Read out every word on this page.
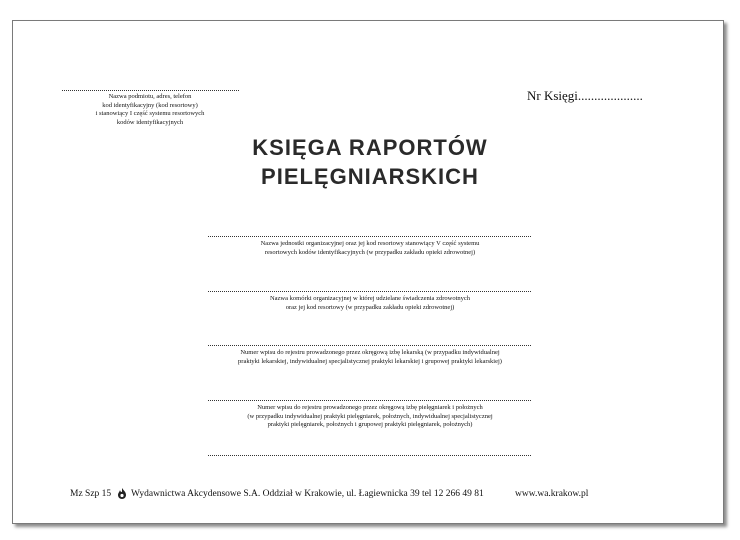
Nazwa podmiotu, adres, telefon
kod identyfikacyjny (kod resortowy)
i stanowiący I część systemu resortowych
kodów identyfikacyjnych
Nr Księgi....................
KSIĘGA RAPORTÓW
PIELĘGNIARSKICH
Nazwa jednostki organizacyjnej oraz jej kod resortowy stanowiący V część systemu
resortowych kodów identyfikacyjnych (w przypadku zakładu opieki zdrowotnej)
Nazwa komórki organizacyjnej w której udzielane świadczenia zdrowotnych
oraz jej kod resortowy (w przypadku zakładu opieki zdrowotnej)
Numer wpisu do rejestru prowadzonego przez okręgową izbę lekarską (w przypadku indywidualnej
praktyki lekarskiej, indywidualnej specjalistycznej praktyki lekarskiej i grupowej praktyki lekarskiej)
Numer wpisu do rejestru prowadzonego przez okręgową izbę pielęgniarek i położnych
(w przypadku indywidualnej praktyki pielęgniarek, położnych, indywidualnej specjalistycznej
praktyki pielęgniarek, położnych i grupowej praktyki pielęgniarek, położnych)
Mz Szp 15 Wydawnictwa Akcydensowe S.A. Oddział w Krakowie, ul. Łagiewnicka 39 tel 12 266 49 81	www.wa.krakow.pl
